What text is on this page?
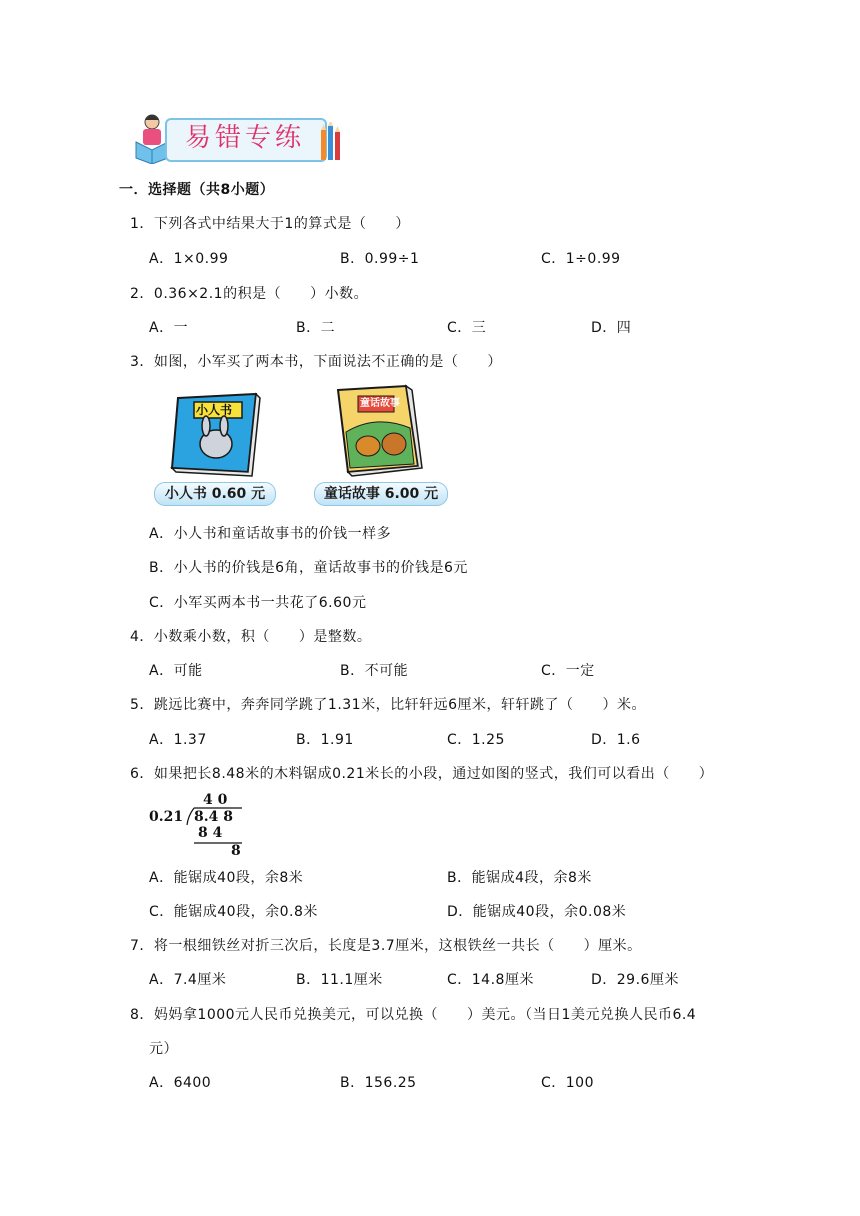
易错专练
一．选择题（共8小题）
1．下列各式中结果大于1的算式是（　　）
A．1×0.99	B．0.99÷1	C．1÷0.99
2．0.36×2.1的积是（　　）小数。
A．一	B．二	C．三	D．四
3．如图，小军买了两本书，下面说法不正确的是（　　）
小人书
小人书 0.60 元
童话故事
童话故事 6.00 元
A．小人书和童话故事书的价钱一样多
B．小人书的价钱是6角，童话故事书的价钱是6元
C．小军买两本书一共花了6.60元
4．小数乘小数，积（　　）是整数。
A．可能	B．不可能	C．一定
5．跳远比赛中，奔奔同学跳了1.31米，比轩轩远6厘米，轩轩跳了（　　）米。
A．1.37	B．1.91	C．1.25	D．1.6
6．如果把长8.48米的木料锯成0.21米长的小段，通过如图的竖式，我们可以看出（　　）
4 0
0.21 8.4 8
8 4
8
A．能锯成40段，余8米	B．能锯成4段，余8米
C．能锯成40段，余0.8米	D．能锯成40段，余0.08米
7．将一根细铁丝对折三次后，长度是3.7厘米，这根铁丝一共长（　　）厘米。
A．7.4厘米	B．11.1厘米	C．14.8厘米	D．29.6厘米
8．妈妈拿1000元人民币兑换美元，可以兑换（　　）美元。（当日1美元兑换人民币6.4
元）
A．6400	B．156.25	C．100
